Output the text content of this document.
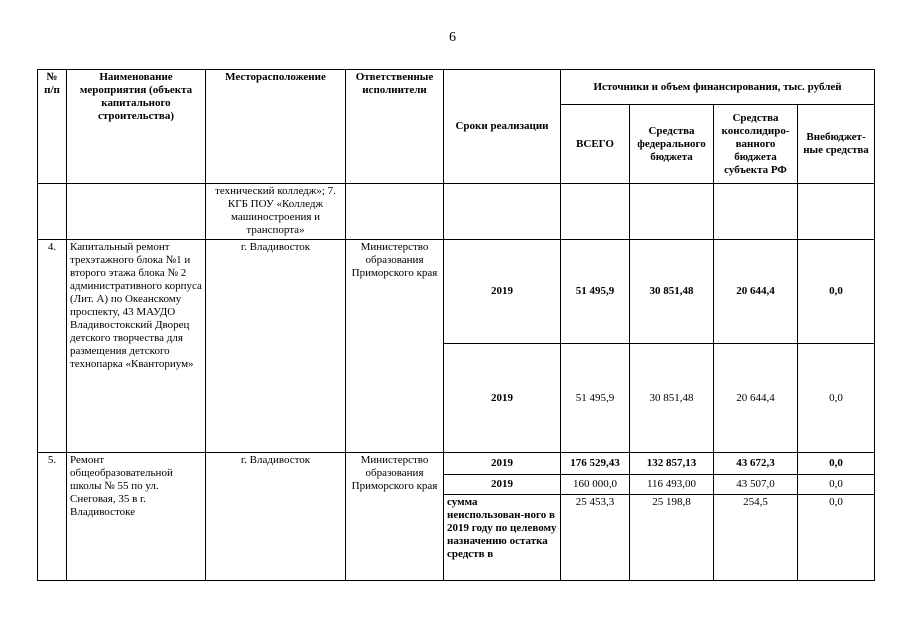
6
№ п/п	Наименование мероприятия (объекта капитального строительства)	Месторасположение	Ответственные исполнители	Сроки реализации	Источники и объем финансирования, тыс. рублей			
					ВСЕГО	Средства федерального бюджета	Средства консолидиро-ванного бюджета субъекта РФ	Внебюджет-ные средства
		технический колледж»; 7. КГБ ПОУ «Колледж машиностроения и транспорта»						
4.	Капитальный ремонт трехэтажного блока №1 и второго этажа блока № 2 административного корпуса (Лит. А) по Океанскому проспекту, 43 МАУДО Владивостокский Дворец детского творчества для размещения детского технопарка «Кванториум»	г. Владивосток	Министерство образования Приморского края	2019	51 495,9	30 851,48	20 644,4	0,0
				2019	51 495,9	30 851,48	20 644,4	0,0
5.	Ремонт общеобразовательной школы № 55 по ул. Снеговая, 35 в г. Владивостоке	г. Владивосток	Министерство образования Приморского края	2019	176 529,43	132 857,13	43 672,3	0,0
				2019	160 000,0	116 493,00	43 507,0	0,0
				сумма неиспользован-ного в 2019 году по целевому назначению остатка средств в	25 453,3	25 198,8	254,5	0,0
